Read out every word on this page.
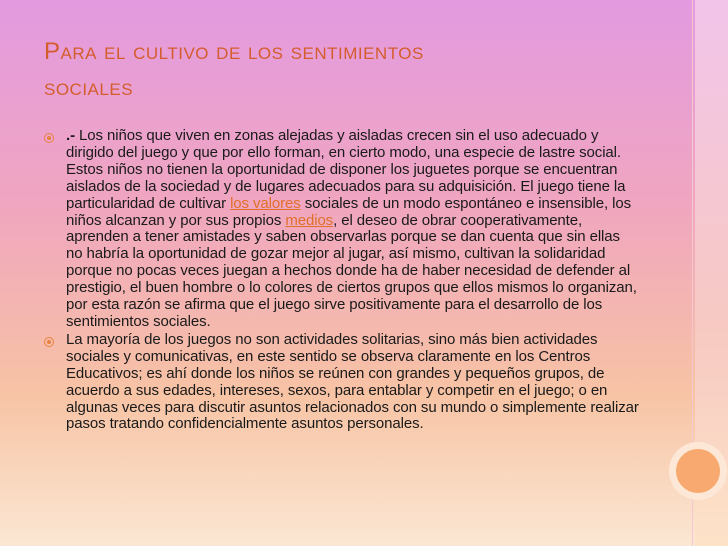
Para el cultivo de los sentimientos
sociales

.- Los niños que viven en zonas alejadas y aisladas crecen sin el uso adecuado y dirigido del juego y que por ello forman, en cierto modo, una especie de lastre social. Estos niños no tienen la oportunidad de disponer los juguetes porque se encuentran aislados de la sociedad y de lugares adecuados para su adquisición. El juego tiene la particularidad de cultivar los valores sociales de un modo espontáneo e insensible, los niños alcanzan y por sus propios medios, el deseo de obrar cooperativamente, aprenden a tener amistades y saben observarlas porque se dan cuenta que sin ellas no habría la oportunidad de gozar mejor al jugar, así mismo, cultivan la solidaridad porque no pocas veces juegan a hechos donde ha de haber necesidad de defender al prestigio, el buen hombre o lo colores de ciertos grupos que ellos mismos lo organizan, por esta razón se afirma que el juego sirve positivamente para el desarrollo de los sentimientos sociales.

La mayoría de los juegos no son actividades solitarias, sino más bien actividades sociales y comunicativas, en este sentido se observa claramente en los Centros Educativos; es ahí donde los niños se reúnen con grandes y pequeños grupos, de acuerdo a sus edades, intereses, sexos, para entablar y competir en el juego; o en algunas veces para discutir asuntos relacionados con su mundo o simplemente realizar pasos tratando confidencialmente asuntos personales.
